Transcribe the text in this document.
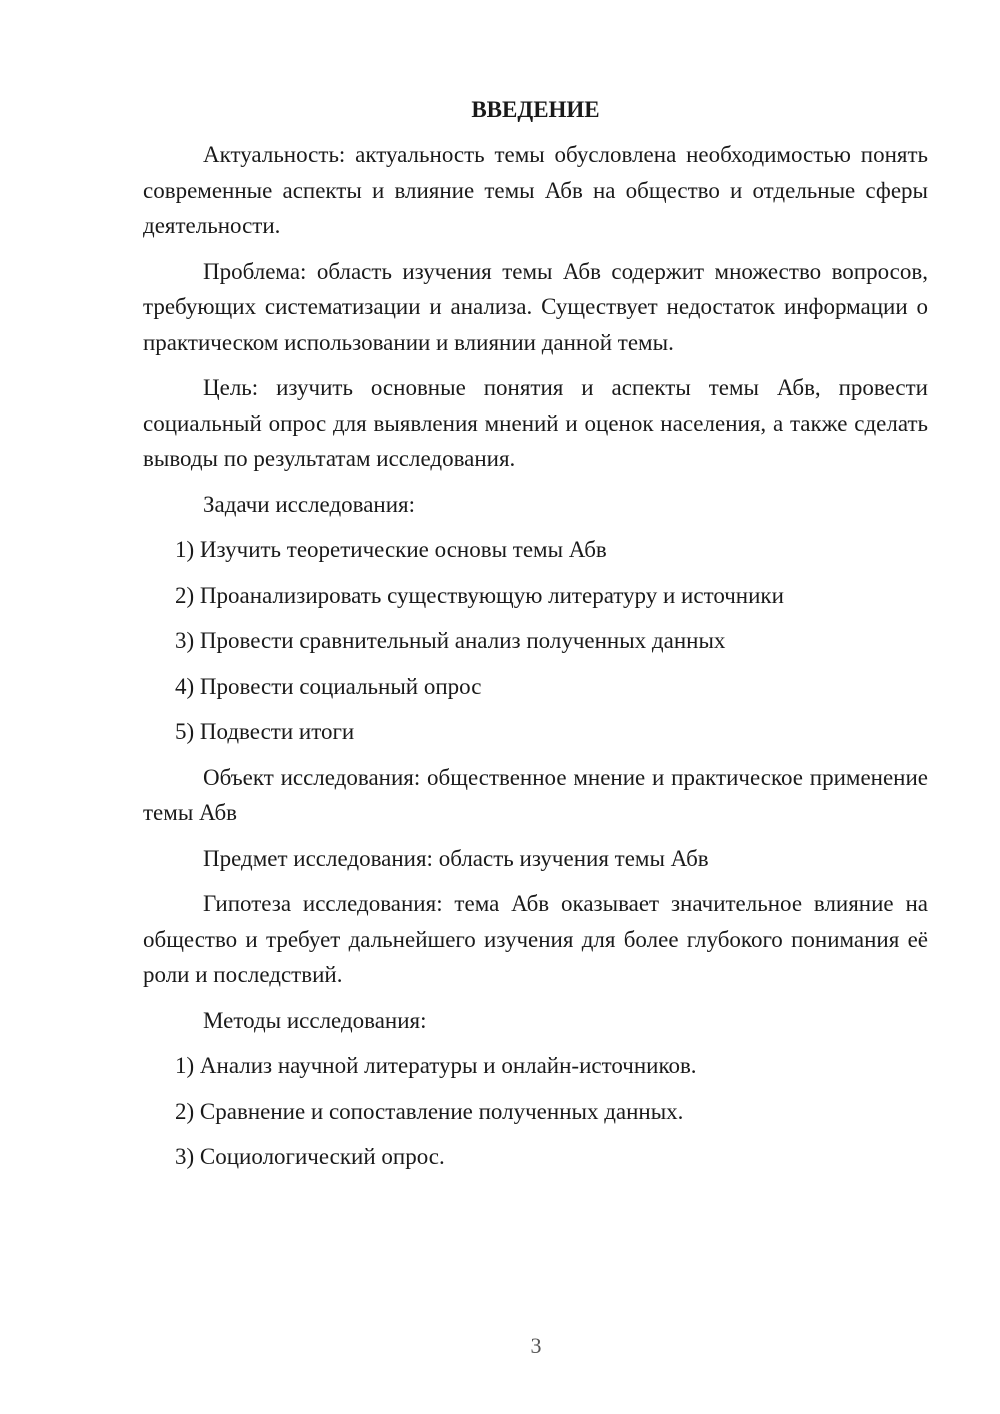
ВВЕДЕНИЕ

Актуальность: актуальность темы обусловлена необходимостью понять современные аспекты и влияние темы Абв на общество и отдельные сферы деятельности.

Проблема: область изучения темы Абв содержит множество вопросов, требующих систематизации и анализа. Существует недостаток информации о практическом использовании и влиянии данной темы.

Цель: изучить основные понятия и аспекты темы Абв, провести социальный опрос для выявления мнений и оценок населения, а также сделать выводы по результатам исследования.

Задачи исследования:

1) Изучить теоретические основы темы Абв
2) Проанализировать существующую литературу и источники
3) Провести сравнительный анализ полученных данных
4) Провести социальный опрос
5) Подвести итоги

Объект исследования: общественное мнение и практическое применение темы Абв

Предмет исследования: область изучения темы Абв

Гипотеза исследования: тема Абв оказывает значительное влияние на общество и требует дальнейшего изучения для более глубокого понимания её роли и последствий.

Методы исследования:

1) Анализ научной литературы и онлайн-источников.
2) Сравнение и сопоставление полученных данных.
3) Социологический опрос.
3
